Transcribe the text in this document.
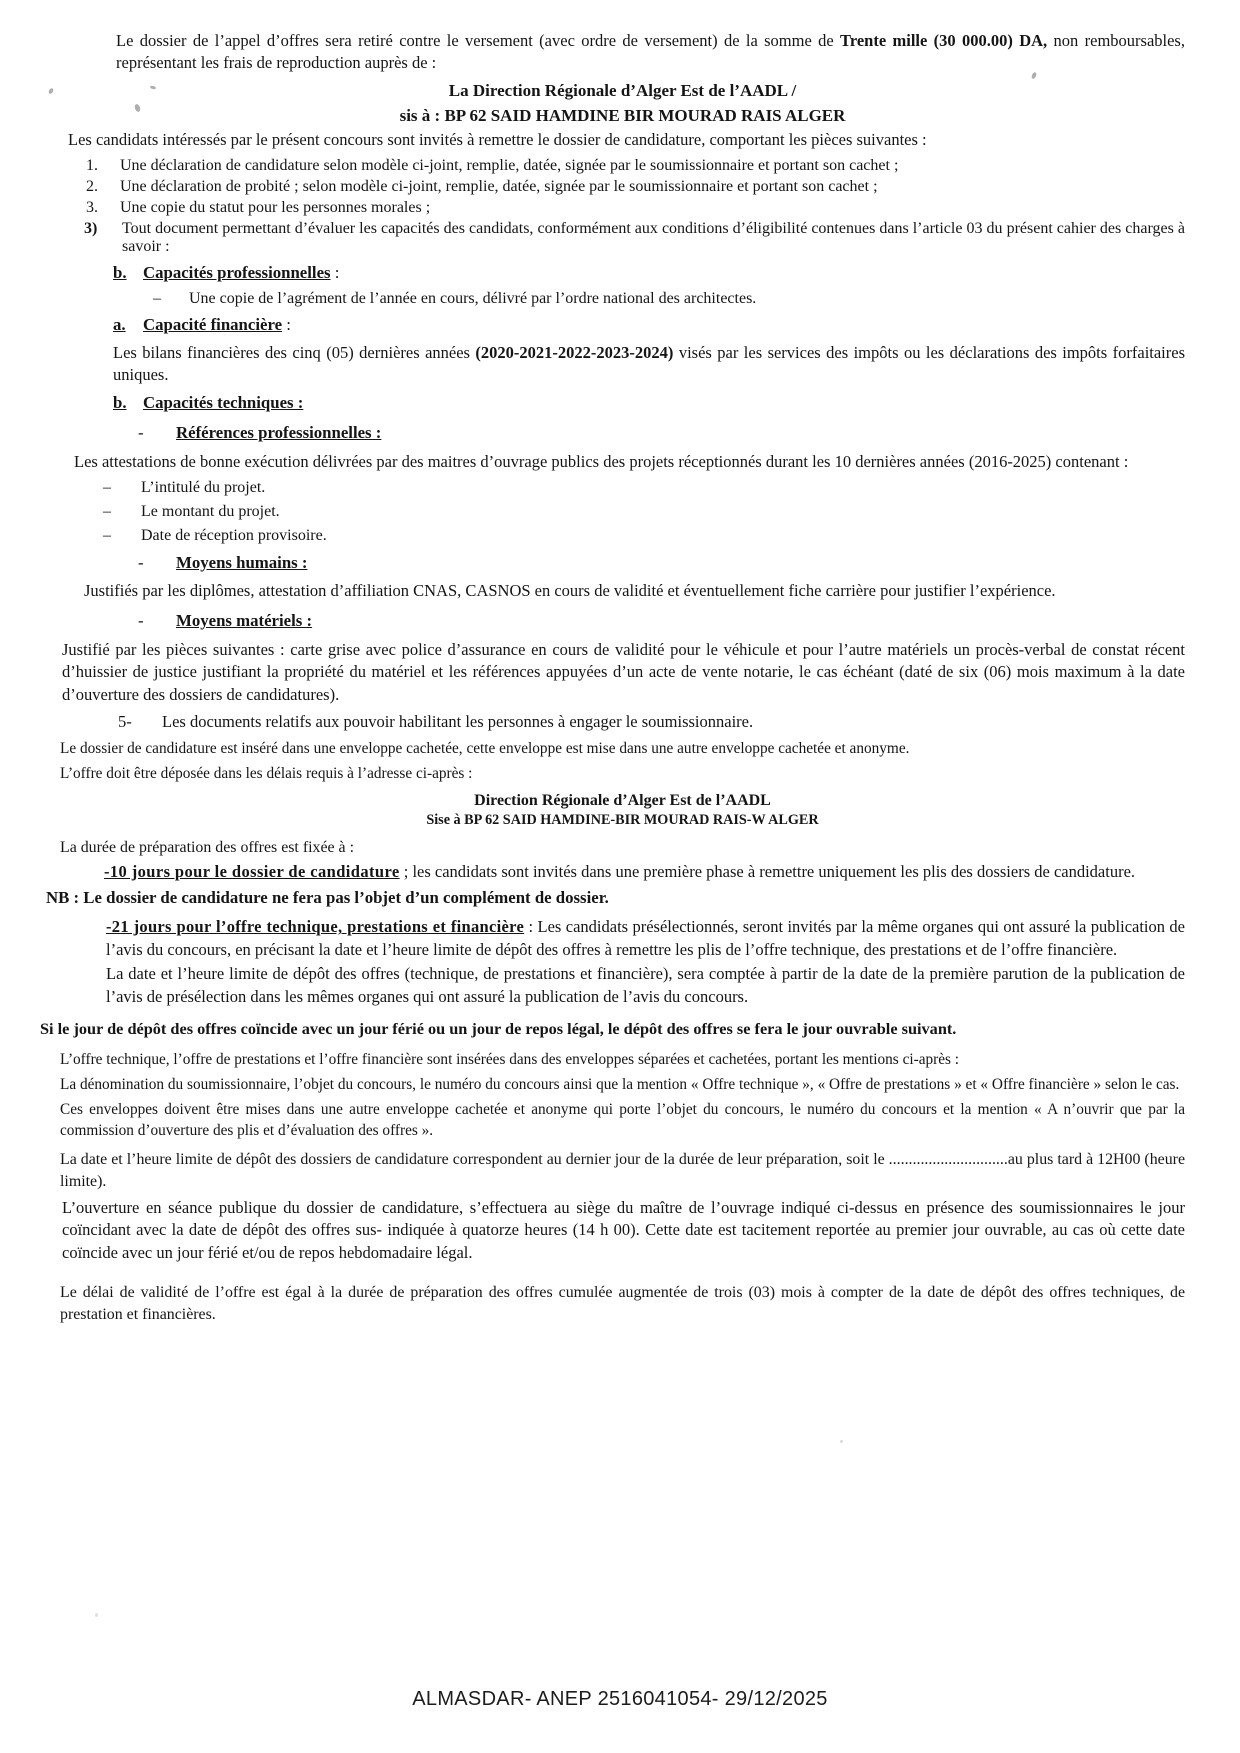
Le dossier de l’appel d’offres sera retiré contre le versement (avec ordre de versement) de la somme de Trente mille (30 000.00) DA, non remboursables, représentant les frais de reproduction auprès de :

La Direction Régionale d’Alger Est de l’AADL /

sis à : BP 62 SAID HAMDINE BIR MOURAD RAIS ALGER

Les candidats intéressés par le présent concours sont invités à remettre le dossier de candidature, comportant les pièces suivantes :

1.	Une déclaration de candidature selon modèle ci-joint, remplie, datée, signée par le soumissionnaire et portant son cachet ;
2.	Une déclaration de probité ; selon modèle ci-joint, remplie, datée, signée par le soumissionnaire et portant son cachet ;
3.	Une copie du statut pour les personnes morales ;
3)	Tout document permettant d’évaluer les capacités des candidats, conformément aux conditions d’éligibilité contenues dans l’article 03 du présent cahier des charges à savoir :

b. Capacités professionnelles :

–	Une copie de l’agrément de l’année en cours, délivré par l’ordre national des architectes.

a. Capacité financière :

Les bilans financières des cinq (05) dernières années (2020-2021-2022-2023-2024) visés par les services des impôts ou les déclarations des impôts forfaitaires uniques.

b. Capacités techniques :

- Références professionnelles :

Les attestations de bonne exécution délivrées par des maitres d’ouvrage publics des projets réceptionnés durant les 10 dernières années (2016-2025) contenant :

–	L’intitulé du projet.
–	Le montant du projet.
–	Date de réception provisoire.

- Moyens humains :

Justifiés par les diplômes, attestation d’affiliation CNAS, CASNOS en cours de validité et éventuellement fiche carrière pour justifier l’expérience.

- Moyens matériels :

Justifié par les pièces suivantes : carte grise avec police d’assurance en cours de validité pour le véhicule et pour l’autre matériels un procès-verbal de constat récent d’huissier de justice justifiant la propriété du matériel et les références appuyées d’un acte de vente notarie, le cas échéant (daté de six (06) mois maximum à la date d’ouverture des dossiers de candidatures).

5-	Les documents relatifs aux pouvoir habilitant les personnes à engager le soumissionnaire.

Le dossier de candidature est inséré dans une enveloppe cachetée, cette enveloppe est mise dans une autre enveloppe cachetée et anonyme.

L’offre doit être déposée dans les délais requis à l’adresse ci-après :

Direction Régionale d’Alger Est de l’AADL

Sise à BP 62 SAID HAMDINE-BIR MOURAD RAIS-W ALGER

La durée de préparation des offres est fixée à :

-10 jours pour le dossier de candidature ; les candidats sont invités dans une première phase à remettre uniquement les plis des dossiers de candidature.

NB : Le dossier de candidature ne fera pas l’objet d’un complément de dossier.

-21 jours pour l’offre technique, prestations et financière : Les candidats présélectionnés, seront invités par la même organes qui ont assuré la publication de l’avis du concours, en précisant la date et l’heure limite de dépôt des offres à remettre les plis de l’offre technique, des prestations et de l’offre financière.

La date et l’heure limite de dépôt des offres (technique, de prestations et financière), sera comptée à partir de la date de la première parution de la publication de l’avis de présélection dans les mêmes organes qui ont assuré la publication de l’avis du concours.

Si le jour de dépôt des offres coïncide avec un jour férié ou un jour de repos légal, le dépôt des offres se fera le jour ouvrable suivant.

L’offre technique, l’offre de prestations et l’offre financière sont insérées dans des enveloppes séparées et cachetées, portant les mentions ci-après :

La dénomination du soumissionnaire, l’objet du concours, le numéro du concours ainsi que la mention « Offre technique », « Offre de prestations » et « Offre financière » selon le cas.

Ces enveloppes doivent être mises dans une autre enveloppe cachetée et anonyme qui porte l’objet du concours, le numéro du concours et la mention « A n’ouvrir que par la commission d’ouverture des plis et d’évaluation des offres ».

La date et l’heure limite de dépôt des dossiers de candidature correspondent au dernier jour de la durée de leur préparation, soit le ..............................au plus tard à 12H00 (heure limite).

L’ouverture en séance publique du dossier de candidature, s’effectuera au siège du maître de l’ouvrage indiqué ci-dessus en présence des soumissionnaires le jour coïncidant avec la date de dépôt des offres sus- indiquée à quatorze heures (14 h 00). Cette date est tacitement reportée au premier jour ouvrable, au cas où cette date coïncide avec un jour férié et/ou de repos hebdomadaire légal.

Le délai de validité de l’offre est égal à la durée de préparation des offres cumulée augmentée de trois (03) mois à compter de la date de dépôt des offres techniques, de prestation et financières.

ALMASDAR- ANEP 2516041054- 29/12/2025
